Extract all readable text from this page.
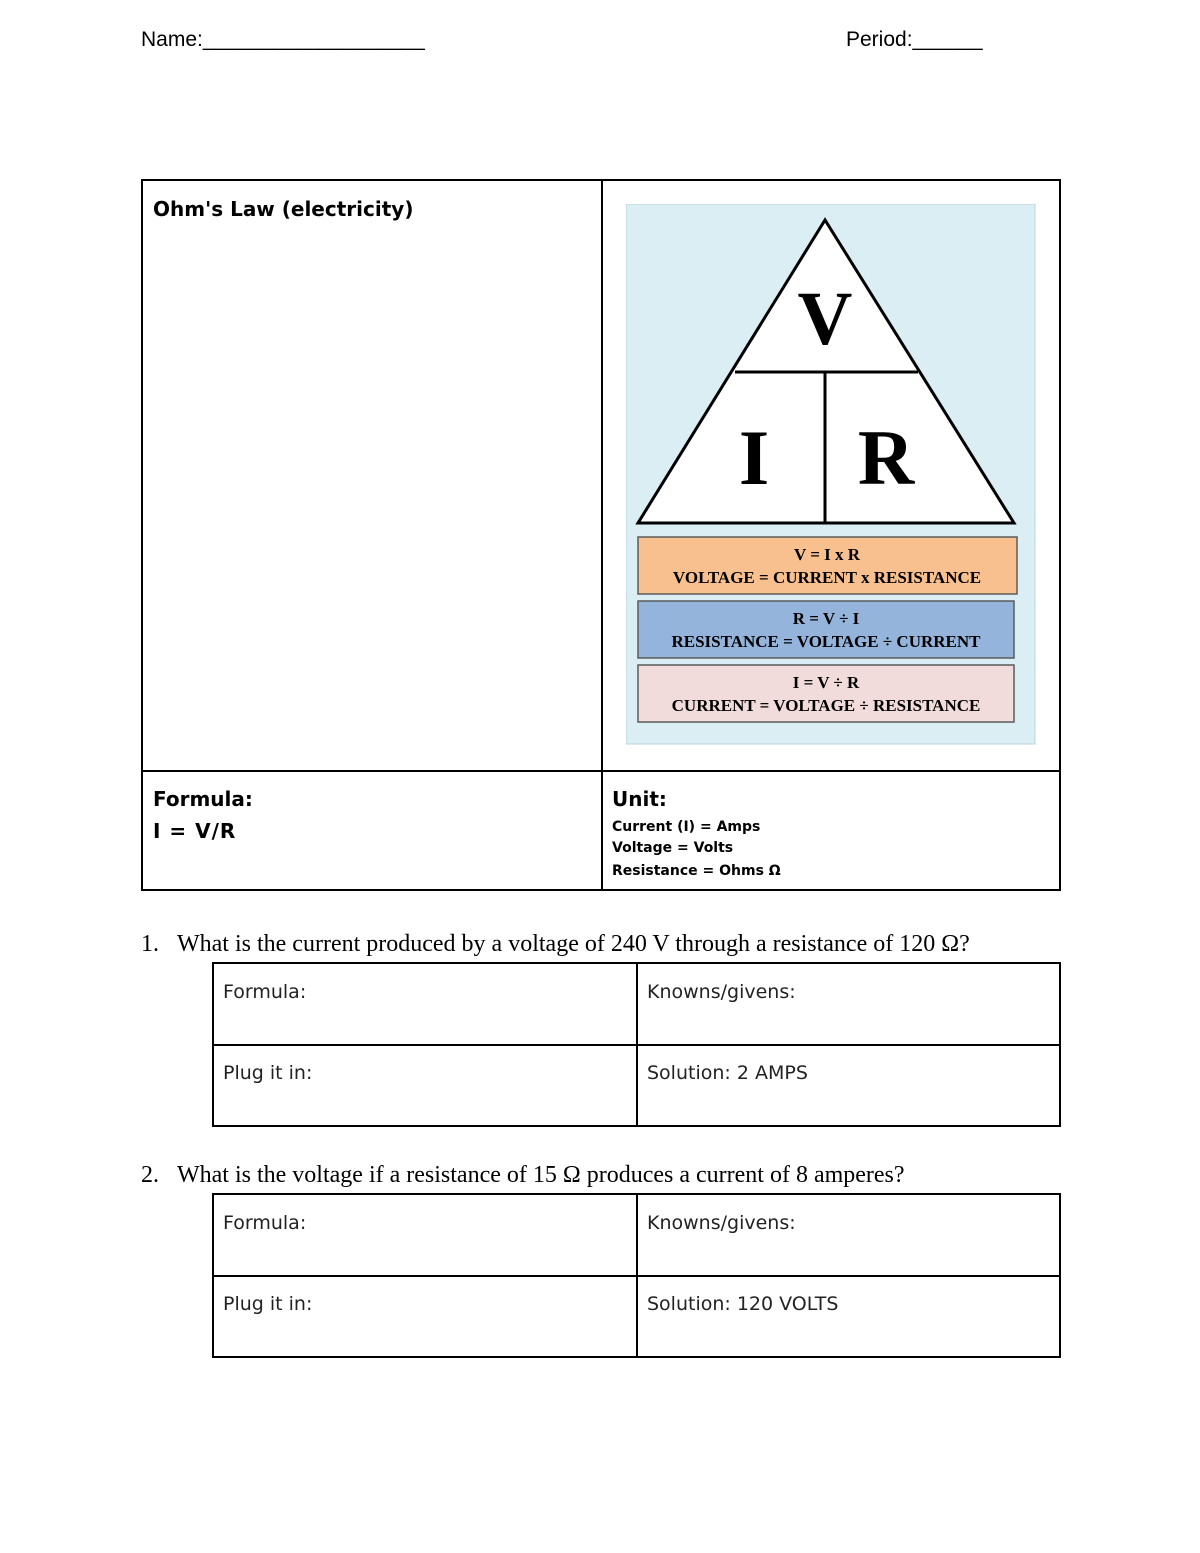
Name:___________________	Period:______
Ohm's Law (electricity)
Formula:
I = V/R
Unit:
Current (I) = Amps
Voltage = Volts
Resistance = Ohms Ω
V
I R
V = I x R
VOLTAGE = CURRENT x RESISTANCE
R = V ÷ I
RESISTANCE = VOLTAGE ÷ CURRENT
I = V ÷ R
CURRENT = VOLTAGE ÷ RESISTANCE
1. What is the current produced by a voltage of 240 V through a resistance of 120 Ω?
Formula:	Knowns/givens:
Plug it in:	Solution: 2 AMPS
2. What is the voltage if a resistance of 15 Ω produces a current of 8 amperes?
Formula:	Knowns/givens:
Plug it in:	Solution: 120 VOLTS
